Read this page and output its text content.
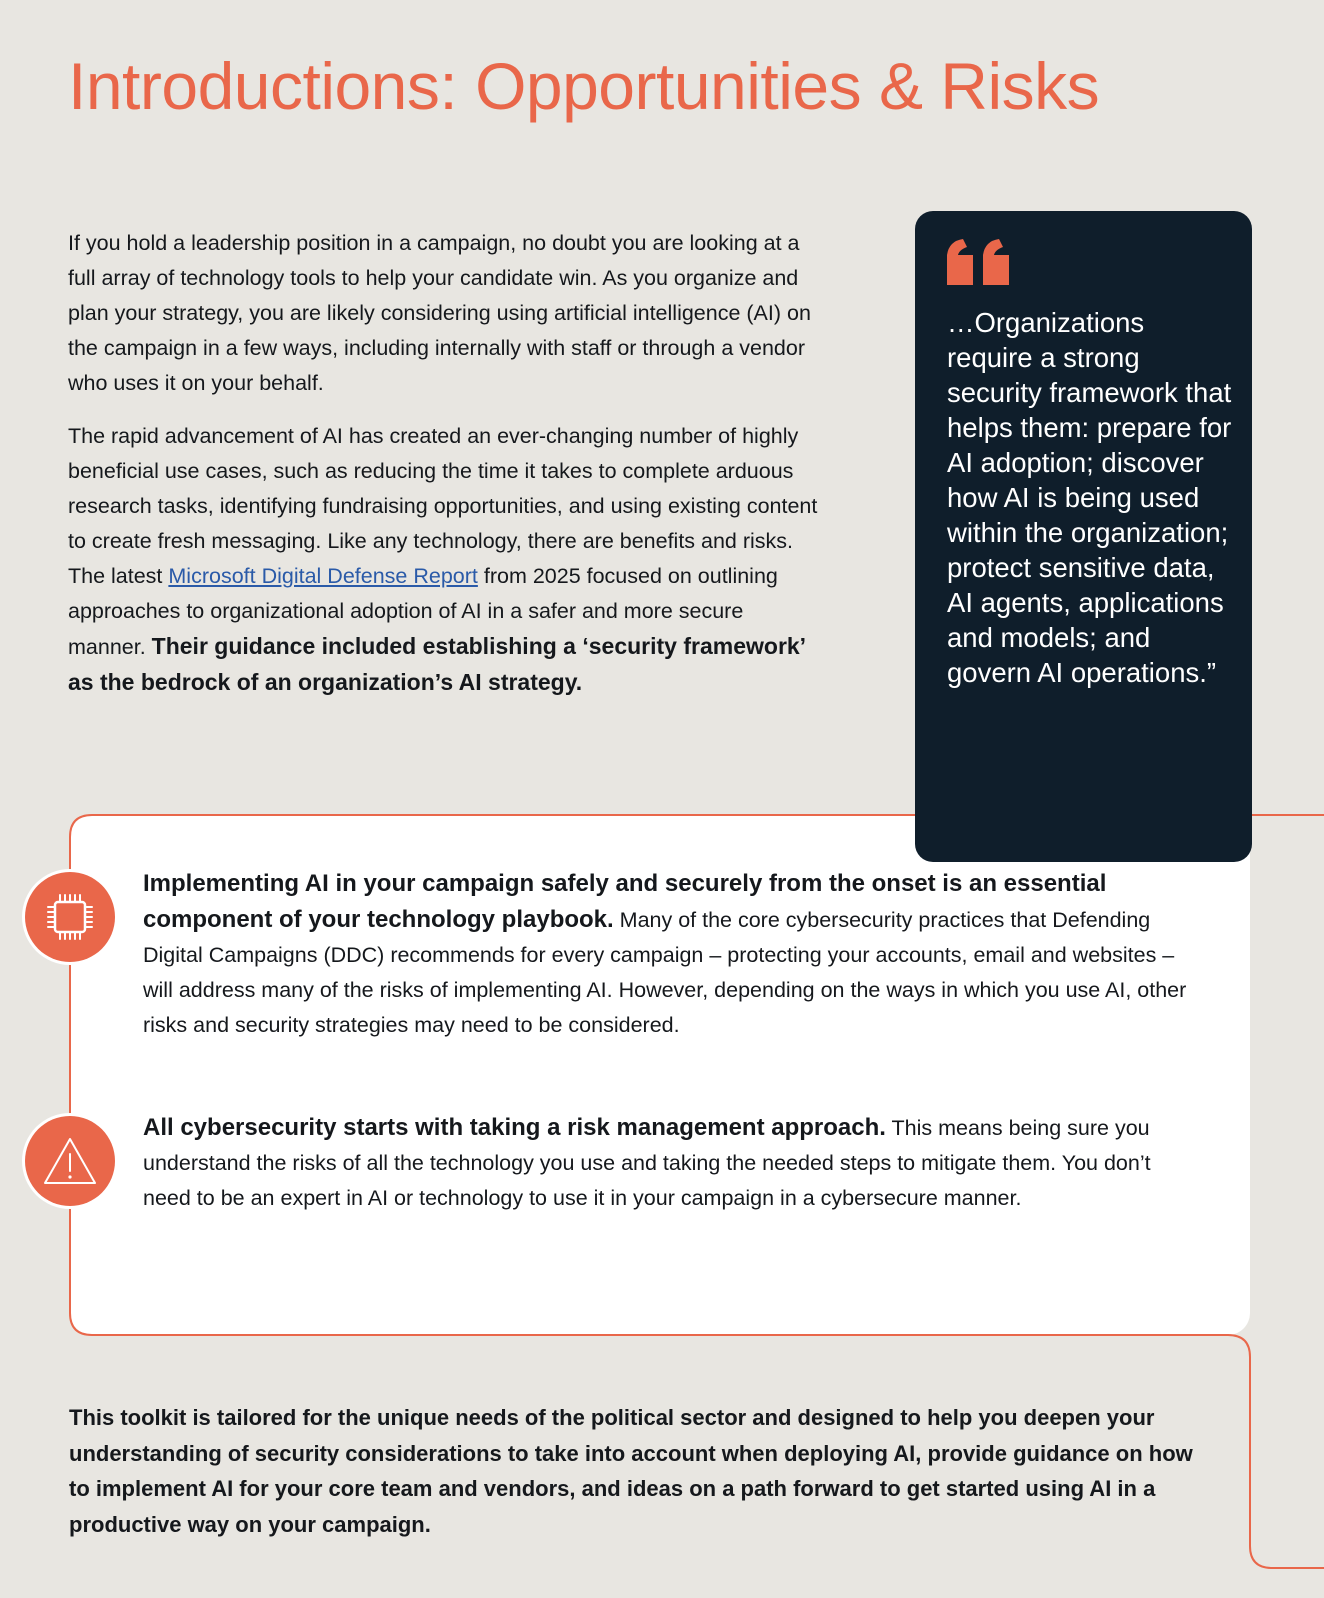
Introductions: Opportunities & Risks

If you hold a leadership position in a campaign, no doubt you are looking at a full array of technology tools to help your candidate win. As you organize and plan your strategy, you are likely considering using artificial intelligence (AI) on the campaign in a few ways, including internally with staff or through a vendor who uses it on your behalf.

The rapid advancement of AI has created an ever-changing number of highly beneficial use cases, such as reducing the time it takes to complete arduous research tasks, identifying fundraising opportunities, and using existing content to create fresh messaging. Like any technology, there are benefits and risks. The latest Microsoft Digital Defense Report from 2025 focused on outlining approaches to organizational adoption of AI in a safer and more secure manner. Their guidance included establishing a ‘security framework’ as the bedrock of an organization’s AI strategy.

…Organizations require a strong security framework that helps them: prepare for AI adoption; discover how AI is being used within the organization; protect sensitive data, AI agents, applications and models; and govern AI operations.”

Implementing AI in your campaign safely and securely from the onset is an essential component of your technology playbook. Many of the core cybersecurity practices that Defending Digital Campaigns (DDC) recommends for every campaign – protecting your accounts, email and websites – will address many of the risks of implementing AI. However, depending on the ways in which you use AI, other risks and security strategies may need to be considered.
All cybersecurity starts with taking a risk management approach. This means being sure you understand the risks of all the technology you use and taking the needed steps to mitigate them. You don’t need to be an expert in AI or technology to use it in your campaign in a cybersecure manner.

This toolkit is tailored for the unique needs of the political sector and designed to help you deepen your understanding of security considerations to take into account when deploying AI, provide guidance on how to implement AI for your core team and vendors, and ideas on a path forward to get started using AI in a productive way on your campaign.
